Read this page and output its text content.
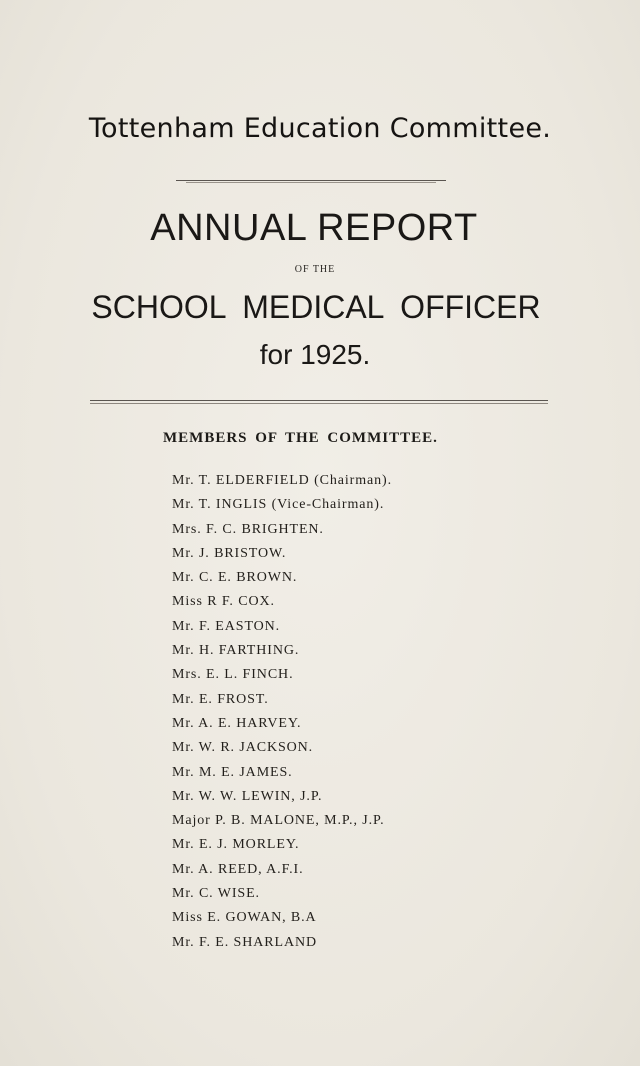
Tottenham Education Committee.
ANNUAL REPORT
OF THE
SCHOOL MEDICAL OFFICER
for 1925.
MEMBERS OF THE COMMITTEE.
Mr. T. ELDERFIELD (Chairman).
Mr. T. INGLIS (Vice-Chairman).
Mrs. F. C. BRIGHTEN.
Mr. J. BRISTOW.
Mr. C. E. BROWN.
Miss R F. COX.
Mr. F. EASTON.
Mr. H. FARTHING.
Mrs. E. L. FINCH.
Mr. E. FROST.
Mr. A. E. HARVEY.
Mr. W. R. JACKSON.
Mr. M. E. JAMES.
Mr. W. W. LEWIN, J.P.
Major P. B. MALONE, M.P., J.P.
Mr. E. J. MORLEY.
Mr. A. REED, A.F.I.
Mr. C. WISE.
Miss E. GOWAN, B.A
Mr. F. E. SHARLAND
